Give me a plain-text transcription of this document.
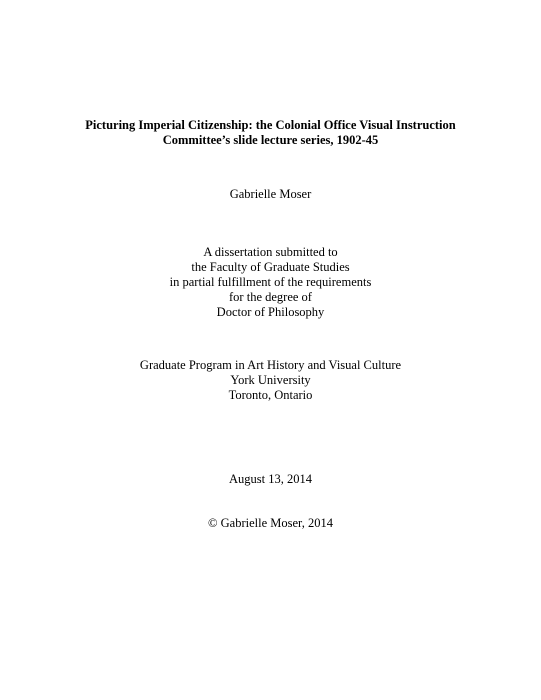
Picturing Imperial Citizenship: the Colonial Office Visual Instruction
Committee’s slide lecture series, 1902-45
Gabrielle Moser
A dissertation submitted to
the Faculty of Graduate Studies
in partial fulfillment of the requirements
for the degree of
Doctor of Philosophy
Graduate Program in Art History and Visual Culture
York University
Toronto, Ontario
August 13, 2014
© Gabrielle Moser, 2014
